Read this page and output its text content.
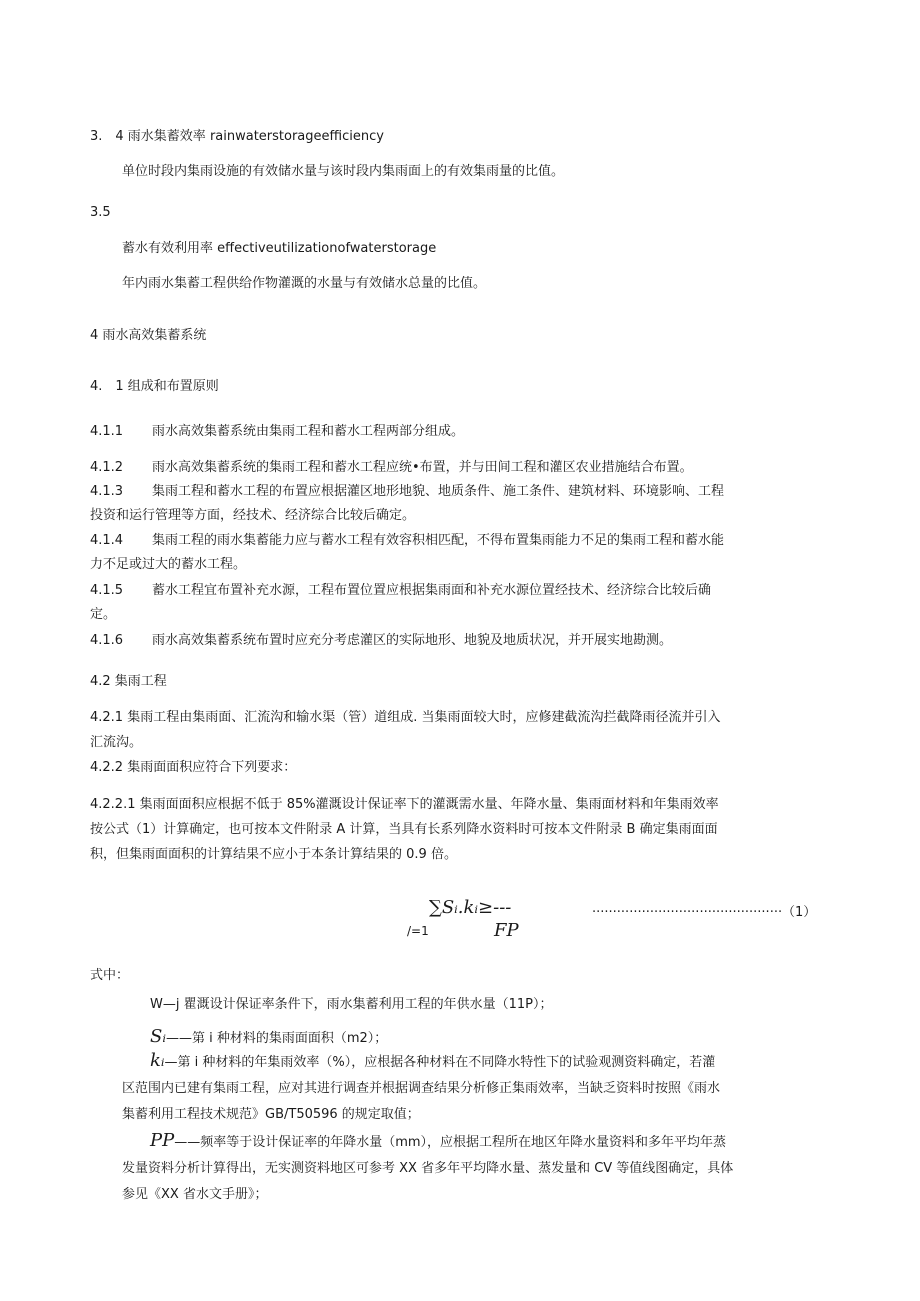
3.　4 雨水集蓄效率 rainwaterstorageefficiency
单位时段内集雨设施的有效储水量与该时段内集雨面上的有效集雨量的比值。
3.5
蓄水有效利用率 effectiveutilizationofwaterstorage
年内雨水集蓄工程供给作物灌溉的水量与有效储水总量的比值。
4 雨水高效集蓄系统
4.　1 组成和布置原则
4.1.1 雨水高效集蓄系统由集雨工程和蓄水工程两部分组成。
4.1.2 雨水高效集蓄系统的集雨工程和蓄水工程应统•布置，并与田间工程和灌区农业措施结合布置。
4.1.3 集雨工程和蓄水工程的布置应根据灌区地形地貌、地质条件、施工条件、建筑材料、环境影响、工程
投资和运行管理等方面，经技术、经济综合比较后确定。
4.1.4 集雨工程的雨水集蓄能力应与蓄水工程有效容积相匹配，不得布置集雨能力不足的集雨工程和蓄水能
力不足或过大的蓄水工程。
4.1.5 蓄水工程宜布置补充水源，工程布置位置应根据集雨面和补充水源位置经技术、经济综合比较后确
定。
4.1.6 雨水高效集蓄系统布置时应充分考虑灌区的实际地形、地貌及地质状况，并开展实地勘测。
4.2 集雨工程
4.2.1 集雨工程由集雨面、汇流沟和输水渠（管）道组成. 当集雨面较大时，应修建截流沟拦截降雨径流并引入
汇流沟。
4.2.2 集雨面面积应符合下列要求：
4.2.2.1 集雨面面积应根据不低于 85%灌溉设计保证率下的灌溉需水量、年降水量、集雨面材料和年集雨效率
按公式（1）计算确定，也可按本文件附录 A 计算，当具有长系列降水资料时可按本文件附录 B 确定集雨面面
积，但集雨面面积的计算结果不应小于本条计算结果的 0.9 倍。
∑Sᵢ.kᵢ≥---
/=1	FP
.............................................. （1）
式中：
W—j 瞿溉设计保证率条件下，雨水集蓄利用工程的年供水量（11P）；
Sᵢ——第 i 种材料的集雨面面积（m2）；
kᵢ—第 i 种材料的年集雨效率（%），应根据各种材料在不同降水特性下的试验观测资料确定，若灌
区范围内已建有集雨工程，应对其进行调查并根据调查结果分析修正集雨效率，当缺乏资料时按照《雨水
集蓄利用工程技术规范》GB/T50596 的规定取值；
PP——频率等于设计保证率的年降水量（mm），应根据工程所在地区年降水量资料和多年平均年蒸
发量资料分析计算得出，无实测资料地区可参考 XX 省多年平均降水量、蒸发量和 CV 等值线图确定，具体
参见《XX 省水文手册》；
